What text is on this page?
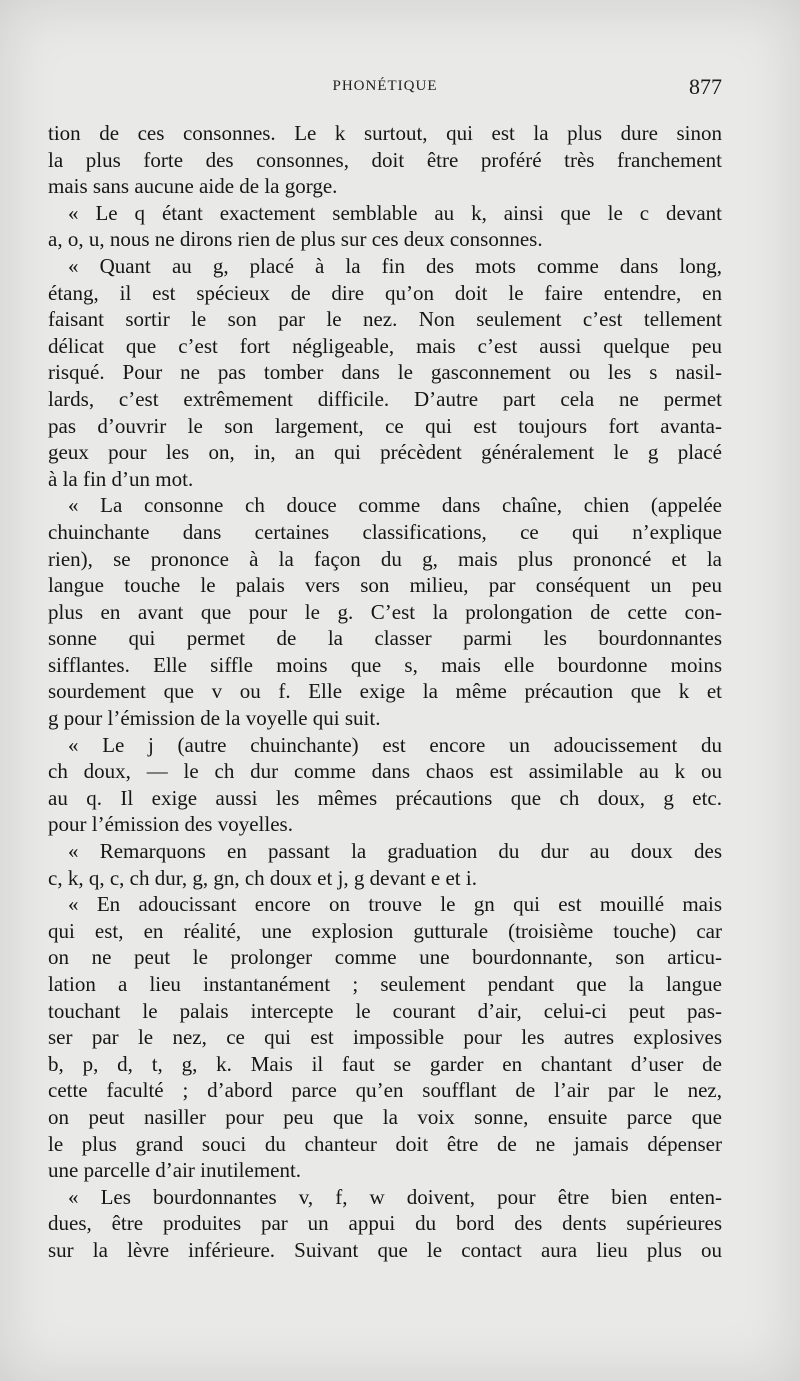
PHONÉTIQUE	877
tion de ces consonnes. Le k surtout, qui est la plus dure sinon
la plus forte des consonnes, doit être proféré très franchement
mais sans aucune aide de la gorge.
« Le q étant exactement semblable au k, ainsi que le c devant
a, o, u, nous ne dirons rien de plus sur ces deux consonnes.
« Quant au g, placé à la fin des mots comme dans long,
étang, il est spécieux de dire qu’on doit le faire entendre, en
faisant sortir le son par le nez. Non seulement c’est tellement
délicat que c’est fort négligeable, mais c’est aussi quelque peu
risqué. Pour ne pas tomber dans le gasconnement ou les s nasil-
lards, c’est extrêmement difficile. D’autre part cela ne permet
pas d’ouvrir le son largement, ce qui est toujours fort avanta-
geux pour les on, in, an qui précèdent généralement le g placé
à la fin d’un mot.
« La consonne ch douce comme dans chaîne, chien (appelée
chuinchante dans certaines classifications, ce qui n’explique
rien), se prononce à la façon du g, mais plus prononcé et la
langue touche le palais vers son milieu, par conséquent un peu
plus en avant que pour le g. C’est la prolongation de cette con-
sonne qui permet de la classer parmi les bourdonnantes
sifflantes. Elle siffle moins que s, mais elle bourdonne moins
sourdement que v ou f. Elle exige la même précaution que k et
g pour l’émission de la voyelle qui suit.
« Le j (autre chuinchante) est encore un adoucissement du
ch doux, — le ch dur comme dans chaos est assimilable au k ou
au q. Il exige aussi les mêmes précautions que ch doux, g etc.
pour l’émission des voyelles.
« Remarquons en passant la graduation du dur au doux des
c, k, q, c, ch dur, g, gn, ch doux et j, g devant e et i.
« En adoucissant encore on trouve le gn qui est mouillé mais
qui est, en réalité, une explosion gutturale (troisième touche) car
on ne peut le prolonger comme une bourdonnante, son articu-
lation a lieu instantanément ; seulement pendant que la langue
touchant le palais intercepte le courant d’air, celui-ci peut pas-
ser par le nez, ce qui est impossible pour les autres explosives
b, p, d, t, g, k. Mais il faut se garder en chantant d’user de
cette faculté ; d’abord parce qu’en soufflant de l’air par le nez,
on peut nasiller pour peu que la voix sonne, ensuite parce que
le plus grand souci du chanteur doit être de ne jamais dépenser
une parcelle d’air inutilement.
« Les bourdonnantes v, f, w doivent, pour être bien enten-
dues, être produites par un appui du bord des dents supérieures
sur la lèvre inférieure. Suivant que le contact aura lieu plus ou
